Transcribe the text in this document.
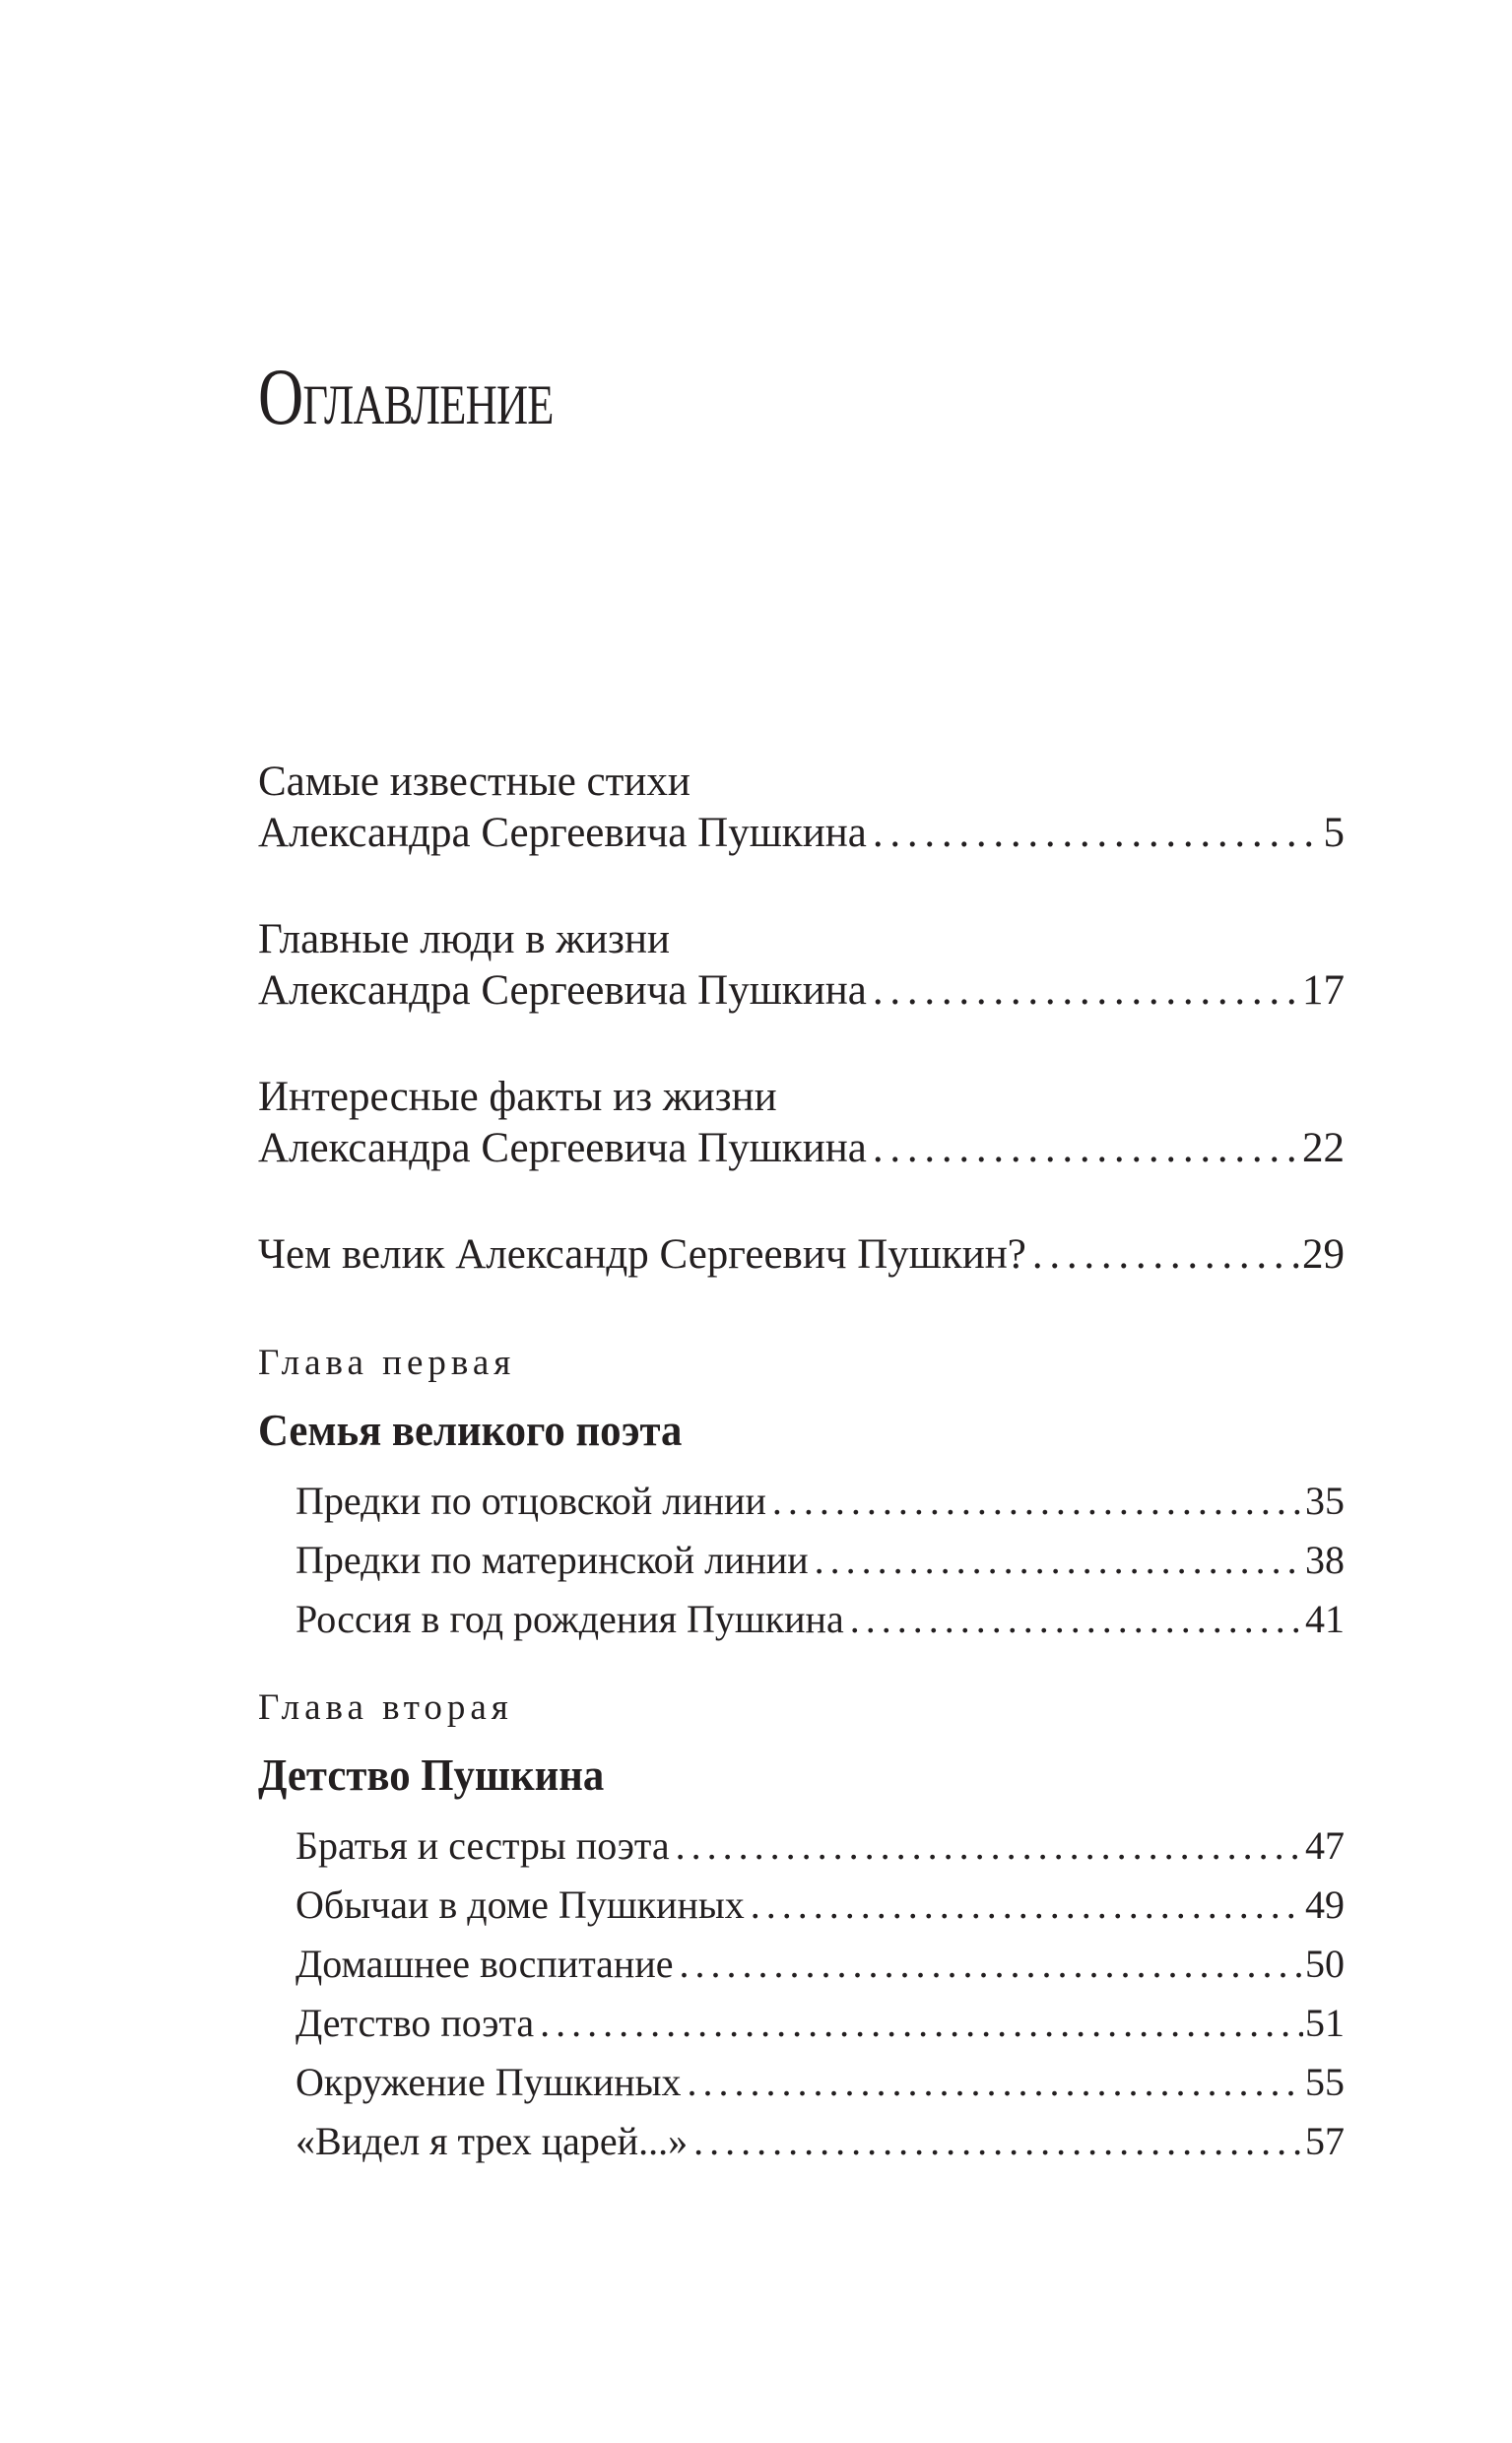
Оглавление
Самые известные стихи
Александра Сергеевича Пушкина . . .	5
Главные люди в жизни
Александра Сергеевича Пушкина . . .	17
Интересные факты из жизни
Александра Сергеевича Пушкина . . .	22
Чем велик Александр Сергеевич Пушкин? . . .	29
Глава первая
Семья великого поэта
Предки по отцовской линии . . .	35
Предки по материнской линии . . .	38
Россия в год рождения Пушкина . . .	41
Глава вторая
Детство Пушкина
Братья и сестры поэта . . .	47
Обычаи в доме Пушкиных . . .	49
Домашнее воспитание . . .	50
Детство поэта . . .	51
Окружение Пушкиных . . .	55
«Видел я трех царей...» . . .	57
